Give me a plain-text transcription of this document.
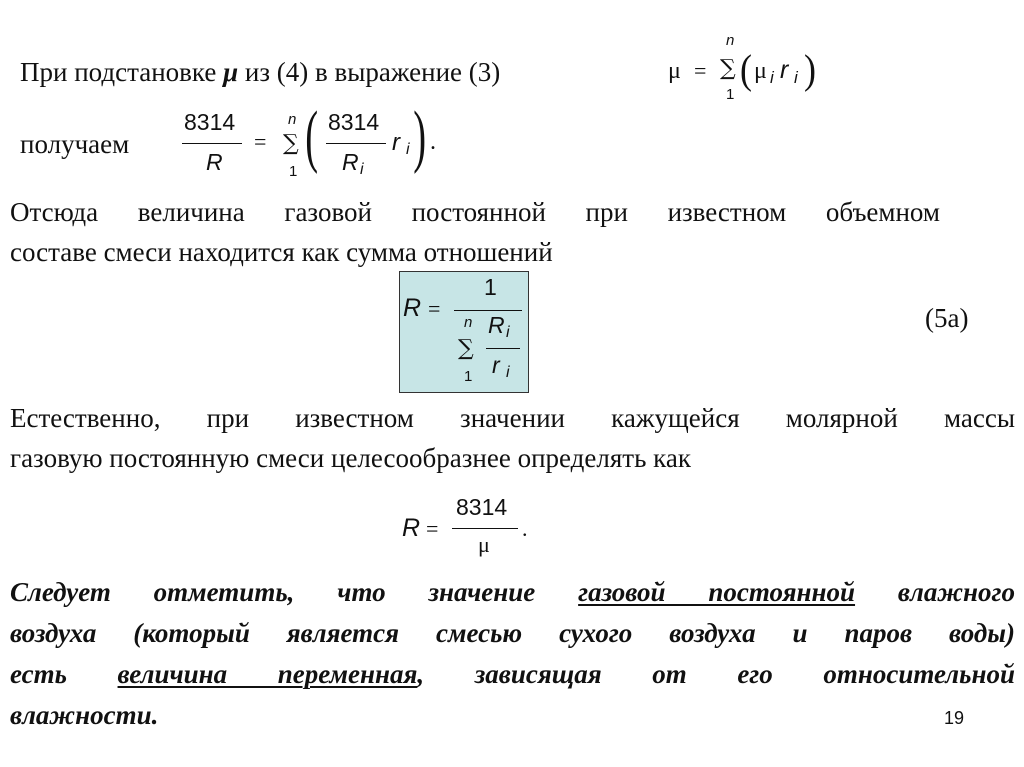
При подстановке μ из (4) в выражение (3)	μ =
n
∑
1
( μ i r i )
получаем
8314
R
=
n
∑
1 ( 8314
R i
r i ) .
Отсюда величина газовой постоянной при известном объемном
составе смеси находится как сумма отношений
R =
1
n
∑
1
R i
r i
(5а)
Естественно, при известном значении кажущейся молярной массы
газовую постоянную смеси целесообразнее определять как
R =
8314
μ
.
Следует отметить, что значение газовой постоянной влажного
воздуха (который является смесью сухого воздуха и паров воды)
есть величина переменная, зависящая от его относительной
влажности.	19
